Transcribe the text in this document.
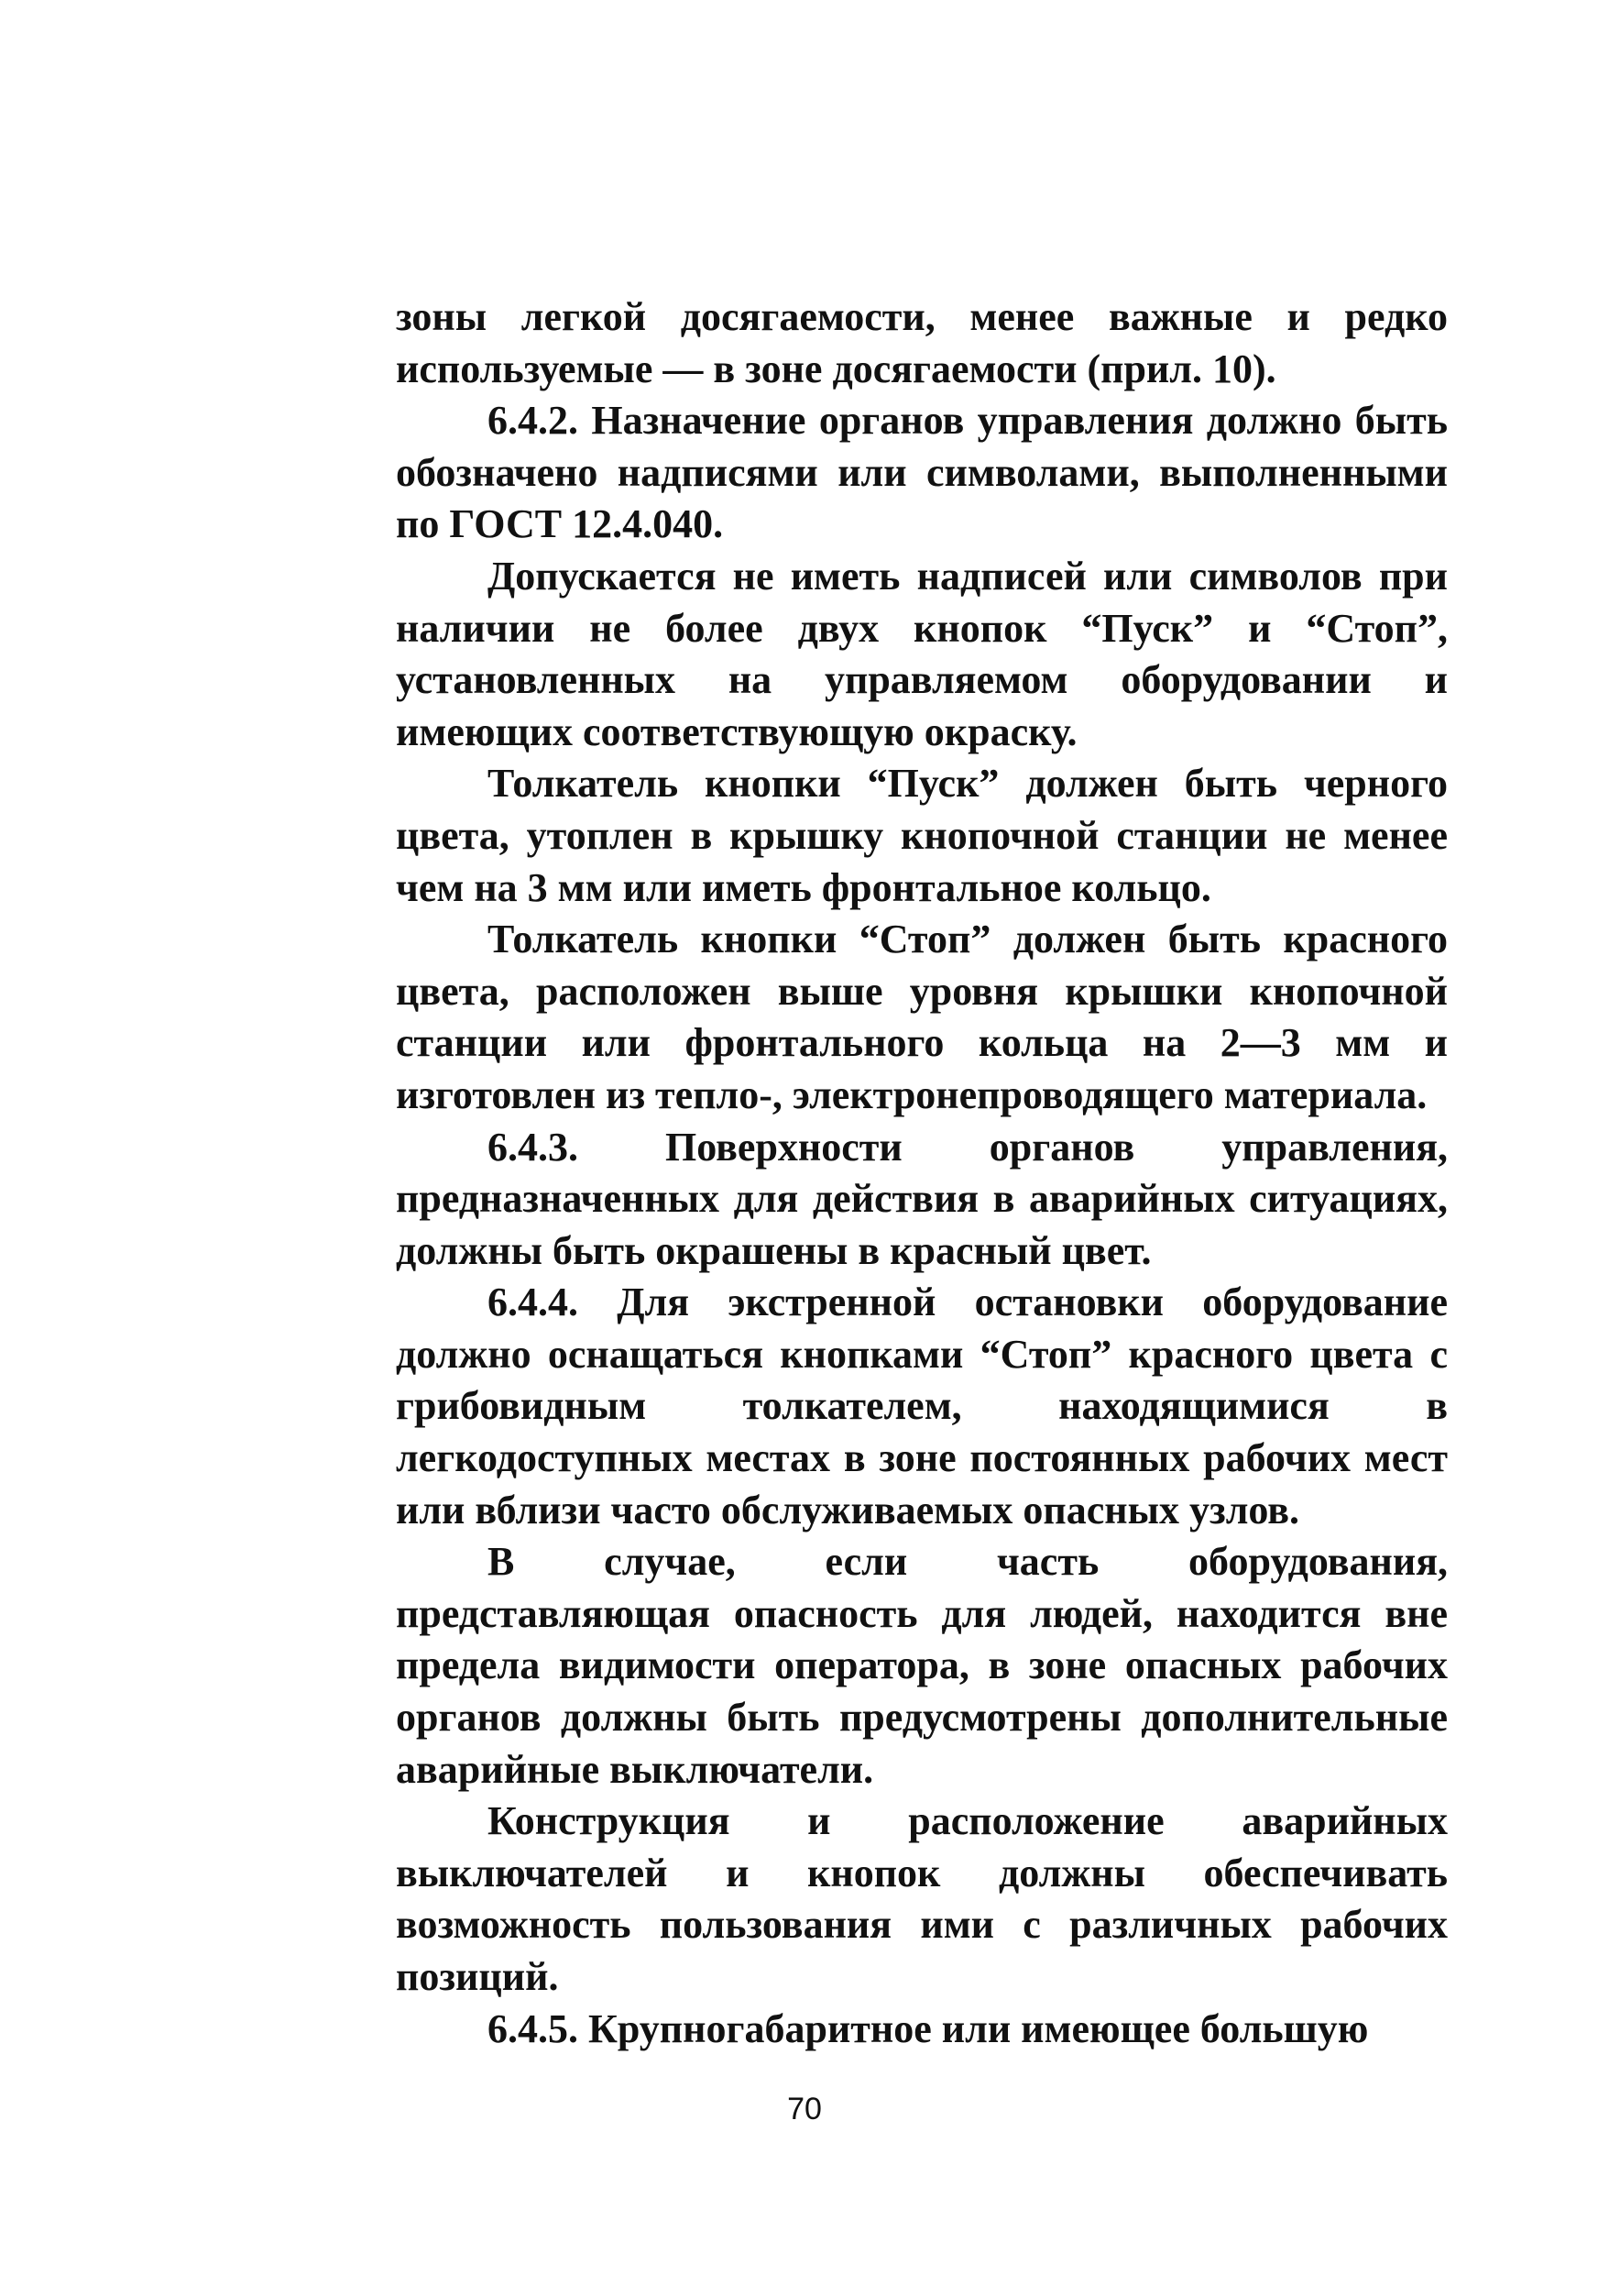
зоны легкой досягаемости, менее важные и редко используемые — в зоне досягаемости (прил. 10).

6.4.2. Назначение органов управления должно быть обозначено надписями или символами, выполненными по ГОСТ 12.4.040.

Допускается не иметь надписей или символов при наличии не более двух кнопок “Пуск” и “Стоп”, установленных на управляемом оборудовании и имеющих соответствующую окраску.

Толкатель кнопки “Пуск” должен быть черного цвета, утоплен в крышку кнопочной станции не менее чем на 3 мм или иметь фронтальное кольцо.

Толкатель кнопки “Стоп” должен быть красного цвета, расположен выше уровня крышки кнопочной станции или фронтального кольца на 2—3 мм и изготовлен из тепло-, электронепроводящего материала.

6.4.3. Поверхности органов управления, предназначенных для действия в аварийных ситуациях, должны быть окрашены в красный цвет.

6.4.4. Для экстренной остановки оборудование должно оснащаться кнопками “Стоп” красного цвета с грибовидным толкателем, находящимися в легкодоступных местах в зоне постоянных рабочих мест или вблизи часто обслуживаемых опасных узлов.

В случае, если часть оборудования, представляющая опасность для людей, находится вне предела видимости оператора, в зоне опасных рабочих органов должны быть предусмотрены дополнительные аварийные выключатели.

Конструкция и расположение аварийных выключателей и кнопок должны обеспечивать возможность пользования ими с различных рабочих позиций.

6.4.5. Крупногабаритное или имеющее большую

70
